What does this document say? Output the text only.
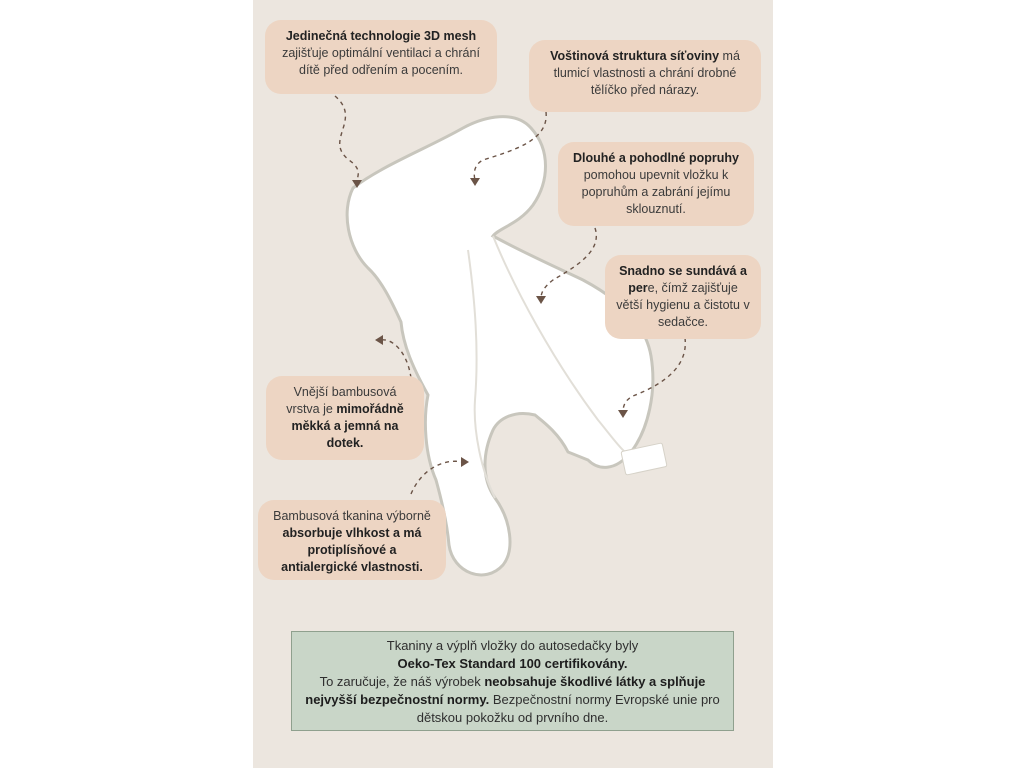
Jedinečná technologie 3D mesh
zajišťuje optimální ventilaci a chrání dítě před odřením a pocením.
Voštinová struktura síťoviny má tlumicí vlastnosti a chrání drobné tělíčko před nárazy.
Dlouhé a pohodlné popruhy
pomohou upevnit vložku k popruhům a zabrání jejímu sklouznutí.
Snadno se sundává a
pere, čímž zajišťuje větší hygienu a čistotu v sedačce.
Vnější bambusová vrstva je mimořádně měkká a jemná na dotek.
Bambusová tkanina výborně
absorbuje vlhkost a má protiplísňové a antialergické vlastnosti.
Tkaniny a výplň vložky do autosedačky byly
Oeko-Tex Standard 100 certifikovány.
To zaručuje, že náš výrobek neobsahuje škodlivé látky a splňuje nejvyšší bezpečnostní normy. Bezpečnostní normy Evropské unie pro dětskou pokožku od prvního dne.
